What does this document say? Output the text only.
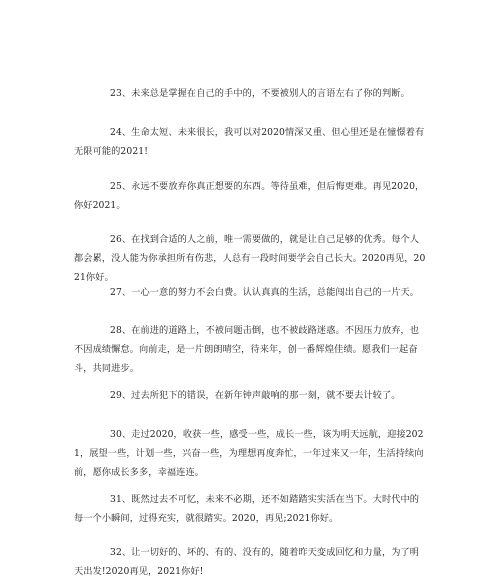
23、未来总是掌握在自己的手中的，不要被别人的言语左右了你的判断。

24、生命太短、未来很长，我可以对2020情深又重、但心里还是在憧憬着有无限可能的2021!

25、永远不要放弃你真正想要的东西。等待虽难，但后悔更难。再见2020，你好2021。

26、在找到合适的人之前，唯一需要做的，就是让自己足够的优秀。每个人都会累，没人能为你承担所有伤悲，人总有一段时间要学会自己长大。2020再见，2021你好。

27、一心一意的努力不会白费。认认真真的生活，总能闯出自己的一片天。

28、在前进的道路上，不被问题击倒，也不被歧路迷惑。不因压力放弃，也不因成绩懈怠。向前走，是一片朗朗晴空，待来年，创一番辉煌佳绩。愿我们一起奋斗，共同进步。

29、过去所犯下的错误，在新年钟声敲响的那一刻，就不要去计较了。

30、走过2020，收获一些，感受一些，成长一些，该为明天远航，迎接2021，展望一些，计划一些，兴奋一些，为理想再度奔忙，一年过来又一年，生活持续向前，愿你成长多多，幸福连连。

31、既然过去不可忆，未来不必期，还不如踏踏实实活在当下。大时代中的每一个小瞬间，过得充实，就很踏实。2020，再见;2021你好。

32、让一切好的、坏的、有的、没有的，随着昨天变成回忆和力量，为了明天出发!2020再见，2021你好!
